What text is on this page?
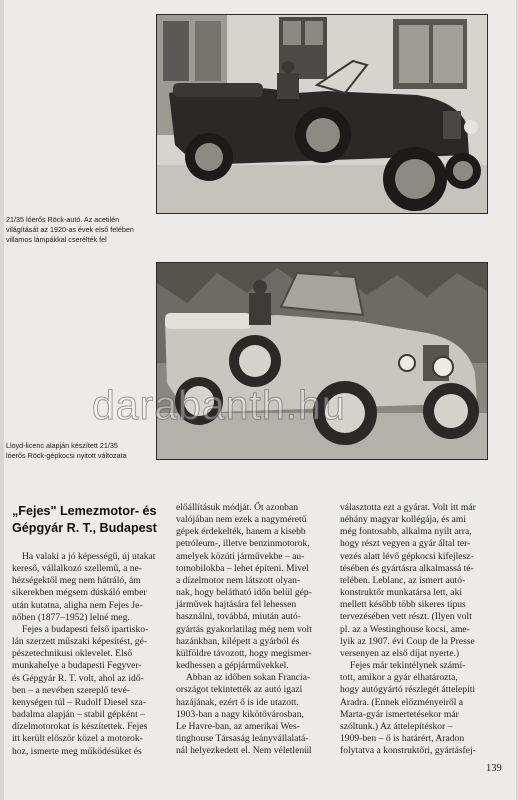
21/35 lóerős Röck-autó. Az acetilén
világítását az 1920-as évek első felében
villamos lámpákkal cserélték fel
Lloyd-licenc alapján készített 21/35
lóerős Röck-gépkocsi nyitott változata
„Fejes" Lemezmotor- és
Gépgyár R. T., Budapest
Ha valaki a jó képességű, új utakat
kereső, vállalkozó szellemű, a ne-
hézségektől meg nem hátráló, ám
sikerekben mégsem dúskáló ember
után kutatna, aligha nem Fejes Je-
nőben (1877–1952) lelné meg.
Fejes a budapesti felső ipartisko-
lán szerzett műszaki képesítést, gé-
pészetechnikusi oklevelet. Első
munkahelye a budapesti Fegyver-
és Gépgyár R. T. volt, ahol az idő-
ben – a nevében szereplő tevé-
kenységen túl – Rudolf Diesel sza-
badalma alapján – stabil gépként –
dízelmotorokat is készítettek. Fejes
itt került először közel a motorok-
hoz, ismerte meg működésüket és
előállításuk módját. Őt azonban
valójában nem ezek a nagyméretű
gépek érdekelték, hanem a kisebb
petróleum-, illetve benzinmotorok,
amelyek közúti járművekbe – au-
tomobilokba – lehet építeni. Mivel
a dízelmotor nem látszott olyan-
nak, hogy belátható időn belül gép-
járművek hajtására fel lehessen
használni, továbbá, miután autó-
gyártás gyakorlatilag még nem volt
hazánkban, kilépett a gyárból és
külföldre távozott, hogy megismer-
kedhessen a gépjárművekkel.
Abban az időben sokan Francia-
országot tekintették az autó igazi
hazájának, ezért ő is ide utazott.
1903-ban a nagy kikötővárosban,
Le Havre-ban, az amerikai Wes-
tinghouse Társaság leányvállalatá-
nál helyezkedett el. Nem véletlenül
választotta ezt a gyárat. Volt itt már
néhány magyar kollégája, és ami
még fontosabb, alkalma nyílt arra,
hogy részt vegyen a gyár által ter-
vezés alatt lévő gépkocsi kifejlesz-
tésében és gyártásra alkalmassá té-
telében. Leblanc, az ismert autó-
konstruktőr munkatársa lett, aki
mellett később több sikeres típus
tervezésében vett részt. (Ilyen volt
pl. az a Westinghouse kocsi, ame-
lyik az 1907. évi Coup de la Presse
versenyen az első díjat nyerte.)
Fejes már tekintélynek számí-
tott, amikor a gyár elhatározta,
hogy autógyártó részlegét áttelepíti
Aradra. (Ennek előzményeiről a
Marta-gyár ismertetésekor már
szóltunk.) Az áttelepítéskor –
1909-ben – ő is határért, Aradon
folytatva a konstruktőri, gyártásfej-
139
darabanth.hu
